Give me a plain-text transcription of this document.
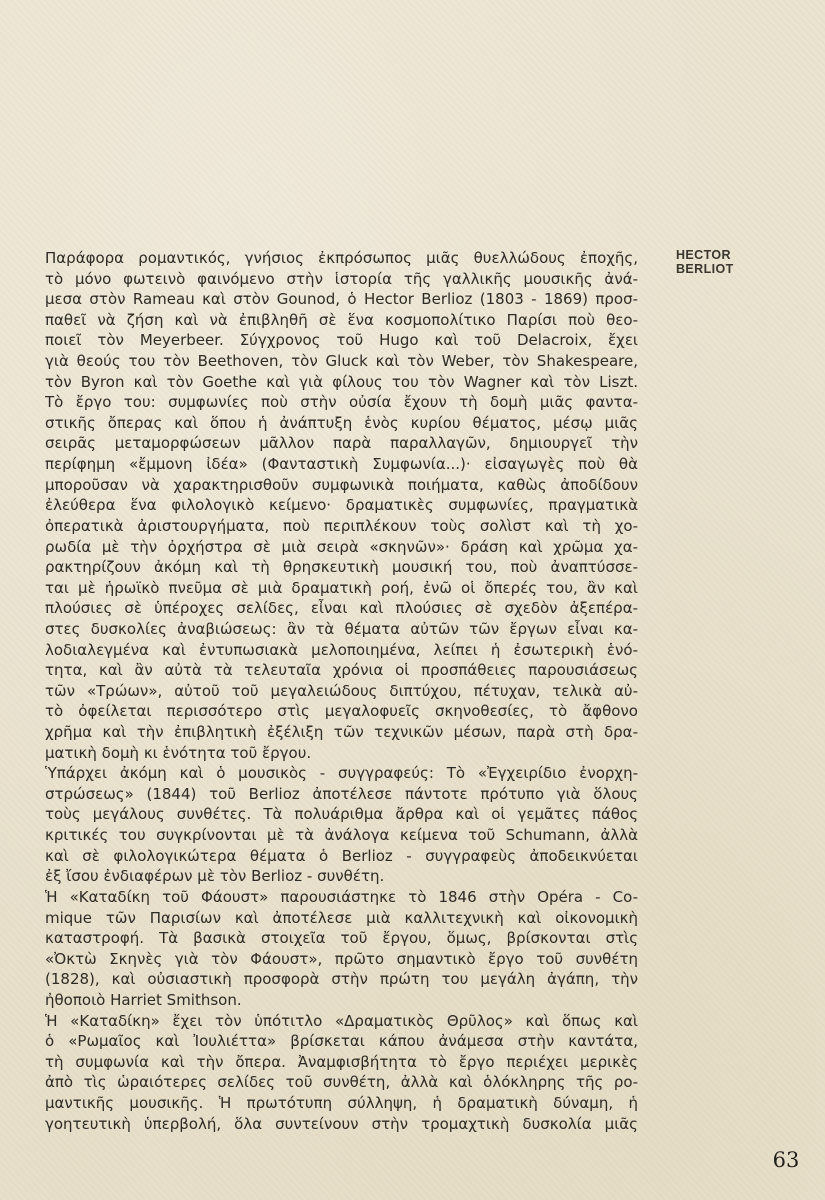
HECTOR
BERLIOT
Παράφορα ρομαντικός, γνήσιος ἐκπρόσωπος μιᾶς θυελλώδους ἐποχῆς,
τὸ μόνο φωτεινὸ φαινόμενο στὴν ἱστορία τῆς γαλλικῆς μουσικῆς ἀνά-
μεσα στὸν Rameau καὶ στὸν Gounod, ὁ Hector Berlioz (1803 - 1869) προσ-
παθεῖ νὰ ζήση καὶ νὰ ἐπιβληθῆ σὲ ἕνα κοσμοπολίτικο Παρίσι ποὺ θεο-
ποιεῖ τὸν Meyerbeer. Σύγχρονος τοῦ Hugo καὶ τοῦ Delacroix, ἔχει
γιὰ θεούς του τὸν Beethoven, τὸν Gluck καὶ τὸν Weber, τὸν Shakespeare,
τὸν Byron καὶ τὸν Goethe καὶ γιὰ φίλους του τὸν Wagner καὶ τὸν Liszt.
Τὸ ἔργο του: συμφωνίες ποὺ στὴν οὐσία ἔχουν τὴ δομὴ μιᾶς φαντα-
στικῆς ὄπερας καὶ ὅπου ἡ ἀνάπτυξη ἑνὸς κυρίου θέματος, μέσῳ μιᾶς
σειρᾶς μεταμορφώσεων μᾶλλον παρὰ παραλλαγῶν, δημιουργεῖ τὴν
περίφημη «ἔμμονη ἰδέα» (Φανταστικὴ Συμφωνία...)· εἰσαγωγὲς ποὺ θὰ
μποροῦσαν νὰ χαρακτηρισθοῦν συμφωνικὰ ποιήματα, καθὼς ἀποδίδουν
ἐλεύθερα ἕνα φιλολογικὸ κείμενο· δραματικὲς συμφωνίες, πραγματικὰ
ὀπερατικὰ ἀριστουργήματα, ποὺ περιπλέκουν τοὺς σολὶστ καὶ τὴ χο-
ρωδία μὲ τὴν ὀρχήστρα σὲ μιὰ σειρὰ «σκηνῶν»· δράση καὶ χρῶμα χα-
ρακτηρίζουν ἀκόμη καὶ τὴ θρησκευτικὴ μουσική του, ποὺ ἀναπτύσσε-
ται μὲ ἡρωϊκὸ πνεῦμα σὲ μιὰ δραματικὴ ροή, ἐνῶ οἱ ὄπερές του, ἂν καὶ
πλούσιες σὲ ὑπέροχες σελίδες, εἶναι καὶ πλούσιες σὲ σχεδὸν ἀξεπέρα-
στες δυσκολίες ἀναβιώσεως: ἂν τὰ θέματα αὐτῶν τῶν ἔργων εἶναι κα-
λοδιαλεγμένα καὶ ἐντυπωσιακὰ μελοποιημένα, λείπει ἡ ἐσωτερικὴ ἑνό-
τητα, καὶ ἂν αὐτὰ τὰ τελευταῖα χρόνια οἱ προσπάθειες παρουσιάσεως
τῶν «Τρώων», αὐτοῦ τοῦ μεγαλειώδους διπτύχου, πέτυχαν, τελικὰ αὐ-
τὸ ὀφείλεται περισσότερο στὶς μεγαλοφυεῖς σκηνοθεσίες, τὸ ἄφθονο
χρῆμα καὶ τὴν ἐπιβλητικὴ ἐξέλιξη τῶν τεχνικῶν μέσων, παρὰ στὴ δρα-
ματικὴ δομὴ κι ἑνότητα τοῦ ἔργου.
Ὑπάρχει ἀκόμη καὶ ὁ μουσικὸς - συγγραφεύς: Τὸ «Ἐγχειρίδιο ἐνορχη-
στρώσεως» (1844) τοῦ Berlioz ἀποτέλεσε πάντοτε πρότυπο γιὰ ὅλους
τοὺς μεγάλους συνθέτες. Τὰ πολυάριθμα ἄρθρα καὶ οἱ γεμᾶτες πάθος
κριτικές του συγκρίνονται μὲ τὰ ἀνάλογα κείμενα τοῦ Schumann, ἀλλὰ
καὶ σὲ φιλολογικώτερα θέματα ὁ Berlioz - συγγραφεὺς ἀποδεικνύεται
ἐξ ἴσου ἐνδιαφέρων μὲ τὸν Berlioz - συνθέτη.
Ἡ «Καταδίκη τοῦ Φάουστ» παρουσιάστηκε τὸ 1846 στὴν Opéra - Co-
mique τῶν Παρισίων καὶ ἀποτέλεσε μιὰ καλλιτεχνικὴ καὶ οἰκονομικὴ
καταστροφή. Τὰ βασικὰ στοιχεῖα τοῦ ἔργου, ὅμως, βρίσκονται στὶς
«Ὀκτὼ Σκηνὲς γιὰ τὸν Φάουστ», πρῶτο σημαντικὸ ἔργο τοῦ συνθέτη
(1828), καὶ οὐσιαστικὴ προσφορὰ στὴν πρώτη του μεγάλη ἀγάπη, τὴν
ἠθοποιὸ Harriet Smithson.
Ἡ «Καταδίκη» ἔχει τὸν ὑπότιτλο «Δραματικὸς Θρῦλος» καὶ ὅπως καὶ
ὁ «Ρωμαῖος καὶ Ἰουλιέττα» βρίσκεται κάπου ἀνάμεσα στὴν καντάτα,
τὴ συμφωνία καὶ τὴν ὄπερα. Ἀναμφισβήτητα τὸ ἔργο περιέχει μερικὲς
ἀπὸ τὶς ὡραιότερες σελίδες τοῦ συνθέτη, ἀλλὰ καὶ ὁλόκληρης τῆς ρο-
μαντικῆς μουσικῆς. Ἡ πρωτότυπη σύλληψη, ἡ δραματικὴ δύναμη, ἡ
γοητευτικὴ ὑπερβολή, ὅλα συντείνουν στὴν τρομαχτικὴ δυσκολία μιᾶς
63
